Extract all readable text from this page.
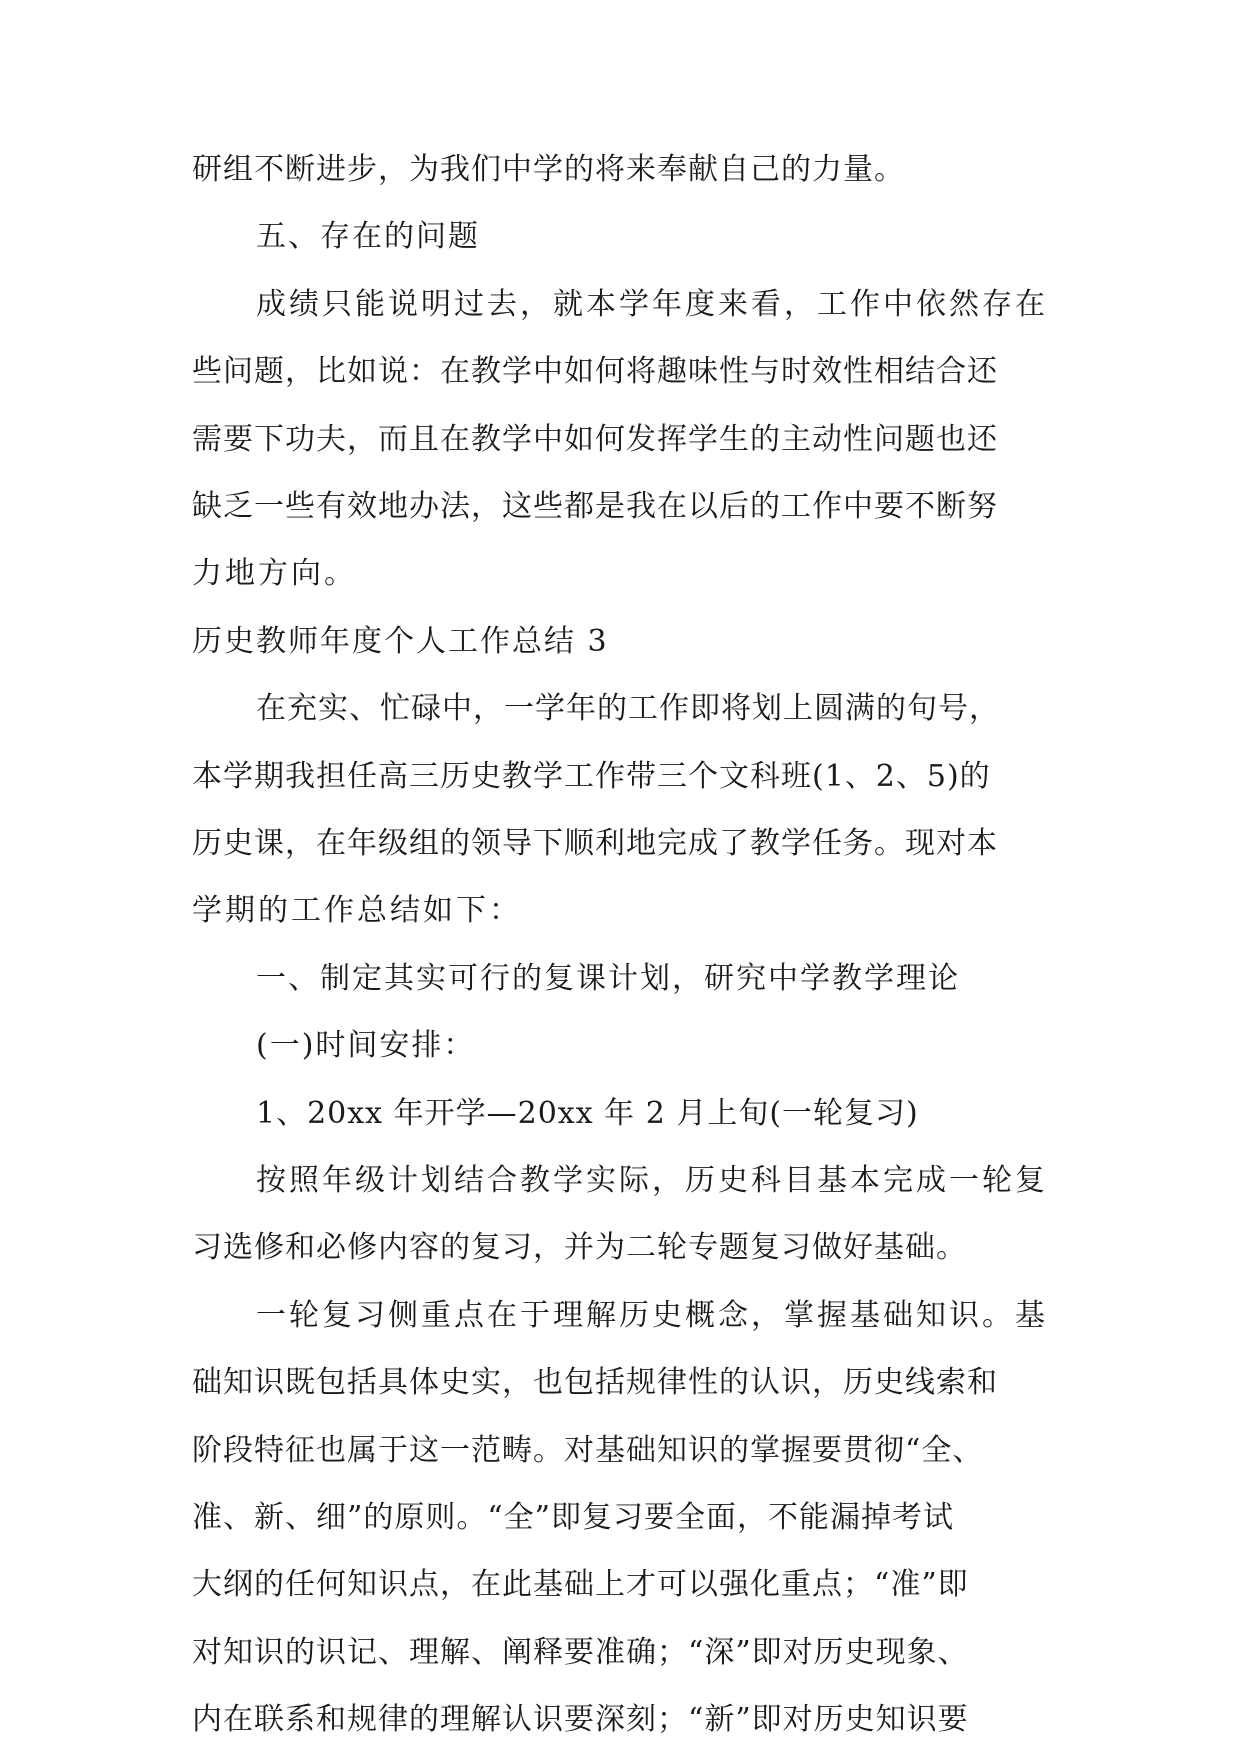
研组不断进步，为我们中学的将来奉献自己的力量。

五、存在的问题

成绩只能说明过去，就本学年度来看，工作中依然存在

些问题，比如说：在教学中如何将趣味性与时效性相结合还

需要下功夫，而且在教学中如何发挥学生的主动性问题也还

缺乏一些有效地办法，这些都是我在以后的工作中要不断努

力地方向。

历史教师年度个人工作总结 3

在充实、忙碌中，一学年的工作即将划上圆满的句号，

本学期我担任高三历史教学工作带三个文科班(1、2、5)的

历史课，在年级组的领导下顺利地完成了教学任务。现对本

学期的工作总结如下：

一、制定其实可行的复课计划，研究中学教学理论

(一)时间安排：

1、20xx 年开学—20xx 年 2 月上旬(一轮复习)

按照年级计划结合教学实际，历史科目基本完成一轮复

习选修和必修内容的复习，并为二轮专题复习做好基础。

一轮复习侧重点在于理解历史概念，掌握基础知识。基

础知识既包括具体史实，也包括规律性的认识，历史线索和

阶段特征也属于这一范畴。对基础知识的掌握要贯彻“全、

准、新、细”的原则。“全”即复习要全面，不能漏掉考试

大纲的任何知识点，在此基础上才可以强化重点；“准”即

对知识的识记、理解、阐释要准确；“深”即对历史现象、

内在联系和规律的理解认识要深刻；“新”即对历史知识要
